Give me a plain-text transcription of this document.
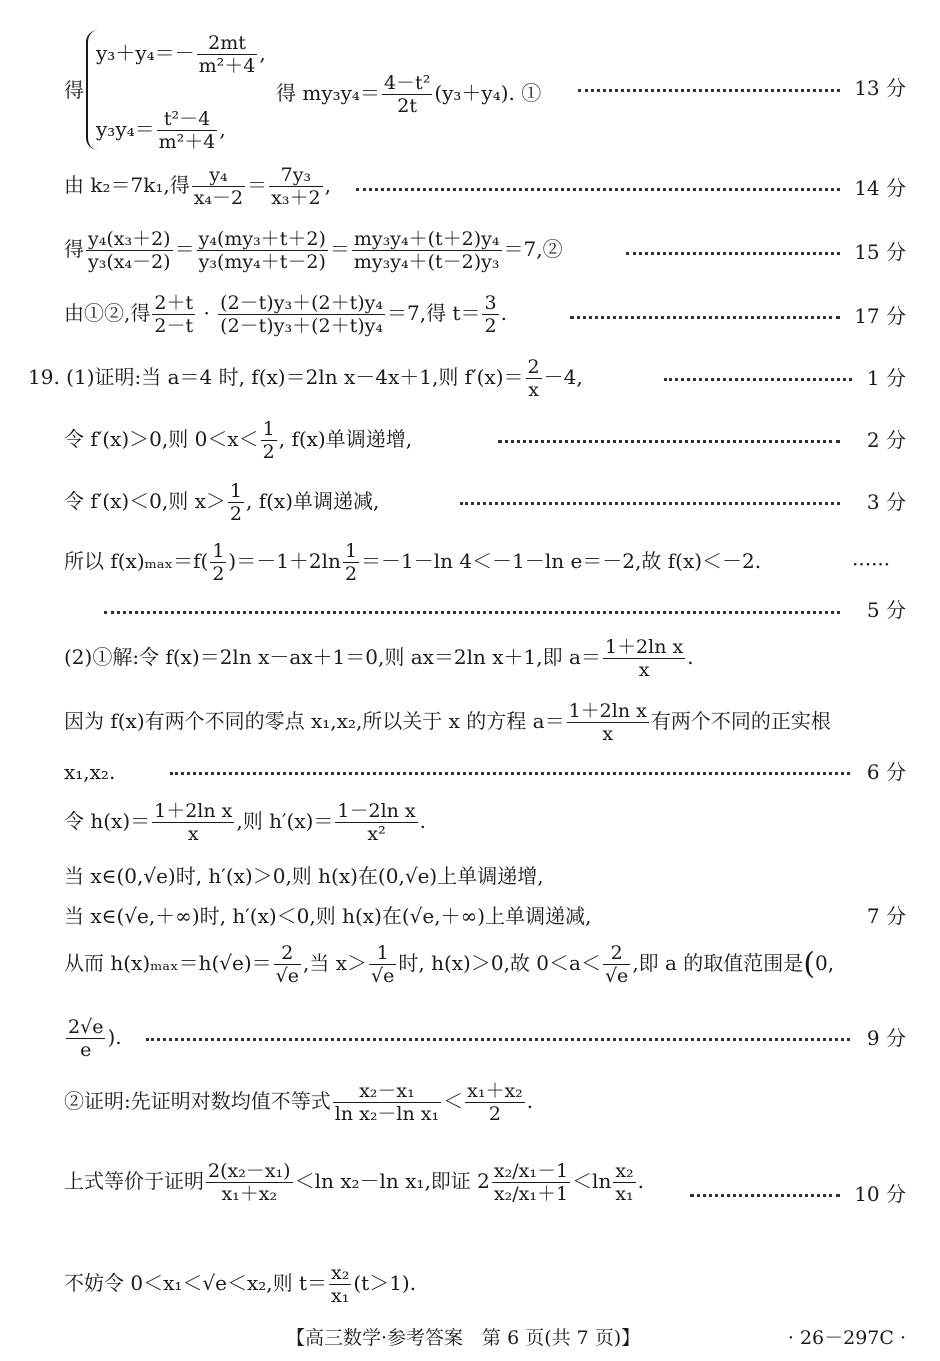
得
$y_3+y_4=- \frac{2mt}{\text{m²＋4}}$ ,
$y_3y_4= \frac{\text{t²－4}}{\text{m²＋4}}$ ,
得 $my_3y_4= \frac{\text{4－t²}}{2t} (y_3+y_4)$. ①	13 分
由 k₂＝7k₁,得 $\frac{\text{y₄}}{\text{x₄－2}} = \frac{\text{7y₃}}{\text{x₃＋2}}$ ,	14 分
得 $\frac{\text{y₄(x₃＋2)}}{\text{y₃(x₄－2)}} = \frac{\text{y₄(my₃＋t＋2)}}{\text{y₃(my₄＋t－2)}} = \frac{\text{my₃y₄＋(t＋2)y₄}}{\text{my₃y₄＋(t－2)y₃}}$ ＝7,②	15 分
由①②,得 $\frac{2+t}{2-t} \cdot \frac{\text{(2－t)y₃＋(2＋t)y₄}}{\text{(2－t)y₃＋(2＋t)y₄}} =7$,得 $t= \frac{3}{2}$ .	17 分
19. (1)证明:当 a＝4 时, f(x)＝2ln x－4x＋1,则 $f'(x)= \frac{2}{x} -4$,	1 分
令 f′(x)＞0,则 $0<x< \frac{1}{2}$ , f(x)单调递增,	2 分
令 f′(x)＜0,则 $x> \frac{1}{2}$ , f(x)单调递减,	3 分
所以 $f(x)_{max}=f( \frac{1}{2} )=-1+2\ln \frac{1}{2} =-1-\ln$ 4＜－1－ln e＝－2,故 f(x)＜－2.	······
5 分
(2)①解:令 f(x)＝2ln x－ax＋1＝0,则 ax＝2ln x＋1,即 $a= \frac{\text{1＋2ln x}}{x}$ .
因为 f(x)有两个不同的零点 x₁,x₂,所以关于 x 的方程 $a= \frac{\text{1＋2ln x}}{x}$ 有两个不同的正实根
x₁,x₂.	6 分
令 $h(x)= \frac{\text{1＋2ln x}}{x}$ ,则 $h'(x)= \frac{\text{1－2ln x}}{\text{x²}}$ .
当 x∈(0,√e)时, h′(x)＞0,则 h(x)在(0,√e)上单调递增,
当 x∈(√e,＋∞)时, h′(x)＜0,则 h(x)在(√e,＋∞)上单调递减,	7 分
从而 $h(x)_{max}=h(√e)= \frac{2}{√e}$ ,当 $x> \frac{1}{√e}$ 时, h(x)＞0,故 $0<a< \frac{2}{√e}$ ,即 a 的取值范围是(0,
$\frac{2√e}{e}$ ).	9 分
②证明:先证明对数均值不等式 $\frac{\text{x₂－x₁}}{\text{ln x₂－ln x₁}} < \frac{\text{x₁＋x₂}}{2}$ .
上式等价于证明 $\frac{\text{2(x₂－x₁)}}{\text{x₁＋x₂}} <\ln$ x₂－ln x₁,即证 $2 \frac{\text{x₂/x₁－1}}{\text{x₂/x₁＋1}} <\ln \frac{\text{x₂}}{\text{x₁}}$ .
10 分
不妨令 0＜x₁＜√e＜x₂,则 $t= \frac{\text{x₂}}{\text{x₁}} (t>1)$.
【高三数学·参考答案　第 6 页(共 7 页)】	· 26－297C ·
